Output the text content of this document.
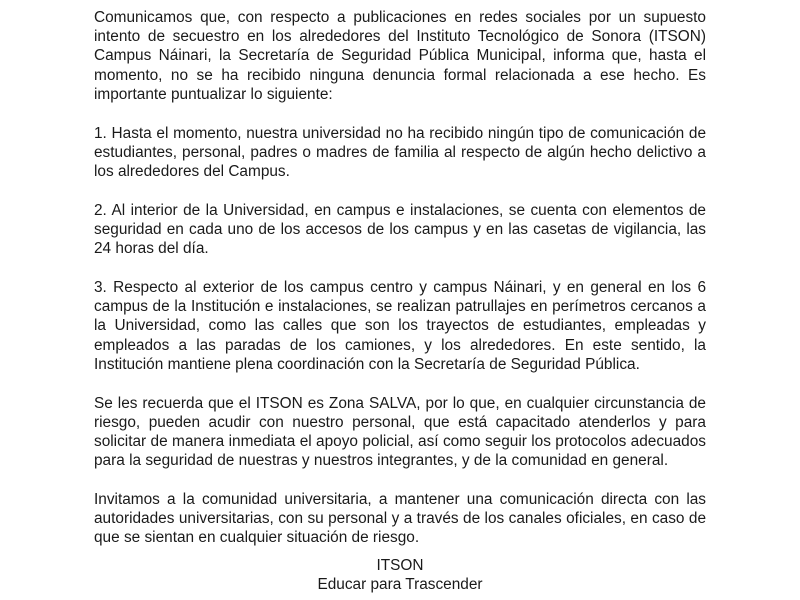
Comunicamos que, con respecto a publicaciones en redes sociales por un supuesto intento de secuestro en los alrededores del Instituto Tecnológico de Sonora (ITSON) Campus Náinari, la Secretaría de Seguridad Pública Municipal, informa que, hasta el momento, no se ha recibido ninguna denuncia formal relacionada a ese hecho. Es importante puntualizar lo siguiente:

1. Hasta el momento, nuestra universidad no ha recibido ningún tipo de comunicación de estudiantes, personal, padres o madres de familia al respecto de algún hecho delictivo a los alrededores del Campus.

2. Al interior de la Universidad, en campus e instalaciones, se cuenta con elementos de seguridad en cada uno de los accesos de los campus y en las casetas de vigilancia, las 24 horas del día.

3. Respecto al exterior de los campus centro y campus Náinari, y en general en los 6 campus de la Institución e instalaciones, se realizan patrullajes en perímetros cercanos a la Universidad, como las calles que son los trayectos de estudiantes, empleadas y empleados a las paradas de los camiones, y los alrededores. En este sentido, la Institución mantiene plena coordinación con la Secretaría de Seguridad Pública.

Se les recuerda que el ITSON es Zona SALVA, por lo que, en cualquier circunstancia de riesgo, pueden acudir con nuestro personal, que está capacitado atenderlos y para solicitar de manera inmediata el apoyo policial, así como seguir los protocolos adecuados para la seguridad de nuestras y nuestros integrantes, y de la comunidad en general.

Invitamos a la comunidad universitaria, a mantener una comunicación directa con las autoridades universitarias, con su personal y a través de los canales oficiales, en caso de que se sientan en cualquier situación de riesgo.

ITSON
Educar para Trascender
